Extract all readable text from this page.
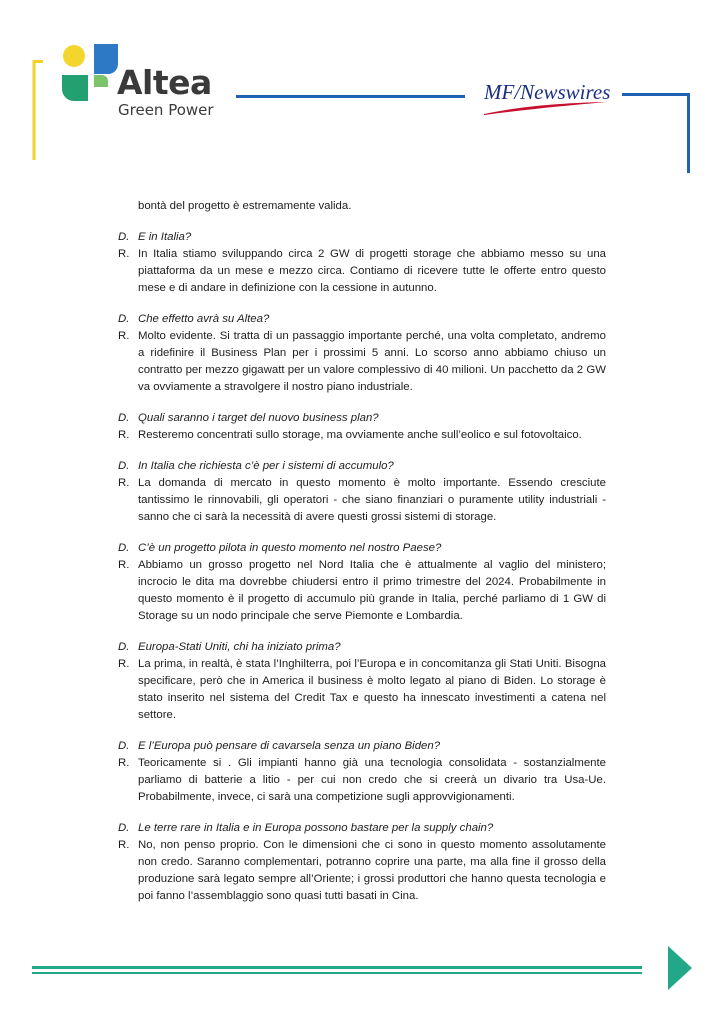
Altea
Green Power
MF/Newswires

bontà del progetto è estremamente valida.

D. E in Italia?
R. In Italia stiamo sviluppando circa 2 GW di progetti storage che abbiamo messo su una piattaforma da un mese e mezzo circa. Contiamo di ricevere tutte le offerte entro questo mese e di andare in definizione con la cessione in autunno.
D. Che effetto avrà su Altea?
R. Molto evidente. Si tratta di un passaggio importante perché, una volta completato, andremo a ridefinire il Business Plan per i prossimi 5 anni. Lo scorso anno abbiamo chiuso un contratto per mezzo gigawatt per un valore complessivo di 40 milioni. Un pacchetto da 2 GW va ovviamente a stravolgere il nostro piano industriale.
D. Quali saranno i target del nuovo business plan?
R. Resteremo concentrati sullo storage, ma ovviamente anche sull’eolico e sul fotovoltaico.
D. In Italia che richiesta c’è per i sistemi di accumulo?
R. La domanda di mercato in questo momento è molto importante. Essendo cresciute tantissimo le rinnovabili, gli operatori - che siano finanziari o puramente utility industriali - sanno che ci sarà la necessità di avere questi grossi sistemi di storage.
D. C’è un progetto pilota in questo momento nel nostro Paese?
R. Abbiamo un grosso progetto nel Nord Italia che è attualmente al vaglio del ministero; incrocio le dita ma dovrebbe chiudersi entro il primo trimestre del 2024. Probabilmente in questo momento è il progetto di accumulo più grande in Italia, perché parliamo di 1 GW di Storage su un nodo principale che serve Piemonte e Lombardia.
D. Europa-Stati Uniti, chi ha iniziato prima?
R. La prima, in realtà, è stata l’Inghilterra, poi l’Europa e in concomitanza gli Stati Uniti. Bisogna specificare, però che in America il business è molto legato al piano di Biden. Lo storage è stato inserito nel sistema del Credit Tax e questo ha innescato investimenti a catena nel settore.
D. E l’Europa può pensare di cavarsela senza un piano Biden?
R. Teoricamente si . Gli impianti hanno già una tecnologia consolidata - sostanzialmente parliamo di batterie a litio - per cui non credo che si creerà un divario tra Usa-Ue. Probabilmente, invece, ci sarà una competizione sugli approvvigionamenti.
D. Le terre rare in Italia e in Europa possono bastare per la supply chain?
R. No, non penso proprio. Con le dimensioni che ci sono in questo momento assolutamente non credo. Saranno complementari, potranno coprire una parte, ma alla fine il grosso della produzione sarà legato sempre all’Oriente; i grossi produttori che hanno questa tecnologia e poi fanno l’assemblaggio sono quasi tutti basati in Cina.
